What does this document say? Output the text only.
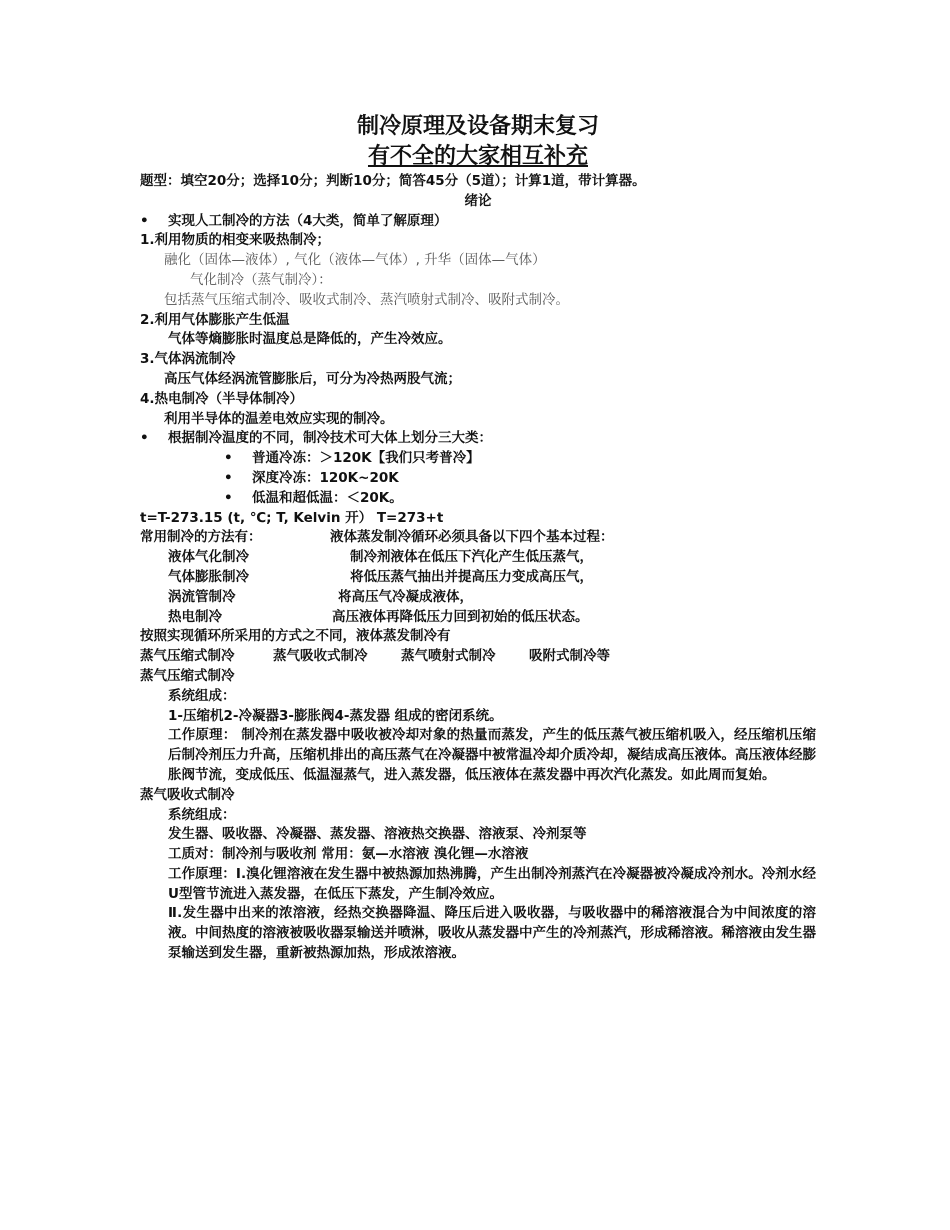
制冷原理及设备期末复习
有不全的大家相互补充
题型：填空20分；选择10分；判断10分；简答45分（5道）；计算1道，带计算器。
绪论
• 实现人工制冷的方法（4大类，简单了解原理）
1.利用物质的相变来吸热制冷；
融化（固体—液体）, 气化（液体—气体）, 升华（固体—气体）
气化制冷（蒸气制冷）：
包括蒸气压缩式制冷、吸收式制冷、蒸汽喷射式制冷、吸附式制冷。
2.利用气体膨胀产生低温
气体等熵膨胀时温度总是降低的，产生冷效应。
3.气体涡流制冷
高压气体经涡流管膨胀后，可分为冷热两股气流；
4.热电制冷（半导体制冷）
利用半导体的温差电效应实现的制冷。
• 根据制冷温度的不同，制冷技术可大体上划分三大类：
• 普通冷冻：＞120K【我们只考普冷】
• 深度冷冻：120K~20K
• 低温和超低温：＜20K。
t=T-273.15 (t, ℃; T, Kelvin 开） T=273+t
常用制冷的方法有：	液体蒸发制冷循环必须具备以下四个基本过程：
液体气化制冷	制冷剂液体在低压下汽化产生低压蒸气，
气体膨胀制冷	将低压蒸气抽出并提高压力变成高压气，
涡流管制冷	将高压气冷凝成液体，
热电制冷	高压液体再降低压力回到初始的低压状态。
按照实现循环所采用的方式之不同，液体蒸发制冷有
蒸气压缩式制冷	蒸气吸收式制冷 蒸气喷射式制冷 吸附式制冷等
蒸气压缩式制冷
系统组成：
1-压缩机2-冷凝器3-膨胀阀4-蒸发器 组成的密闭系统。
工作原理： 制冷剂在蒸发器中吸收被冷却对象的热量而蒸发，产生的低压蒸气被压缩机吸入，经压缩机压缩后制冷剂压力升高，压缩机排出的高压蒸气在冷凝器中被常温冷却介质冷却，凝结成高压液体。高压液体经膨胀阀节流，变成低压、低温湿蒸气，进入蒸发器，低压液体在蒸发器中再次汽化蒸发。如此周而复始。
蒸气吸收式制冷
系统组成：
发生器、吸收器、冷凝器、蒸发器、溶液热交换器、溶液泵、冷剂泵等
工质对：制冷剂与吸收剂 常用：氨—水溶液 溴化锂—水溶液
工作原理：Ⅰ.溴化锂溶液在发生器中被热源加热沸腾，产生出制冷剂蒸汽在冷凝器被冷凝成冷剂水。冷剂水经U型管节流进入蒸发器，在低压下蒸发，产生制冷效应。
Ⅱ.发生器中出来的浓溶液，经热交换器降温、降压后进入吸收器，与吸收器中的稀溶液混合为中间浓度的溶液。中间热度的溶液被吸收器泵输送并喷淋，吸收从蒸发器中产生的冷剂蒸汽，形成稀溶液。稀溶液由发生器泵输送到发生器，重新被热源加热，形成浓溶液。
